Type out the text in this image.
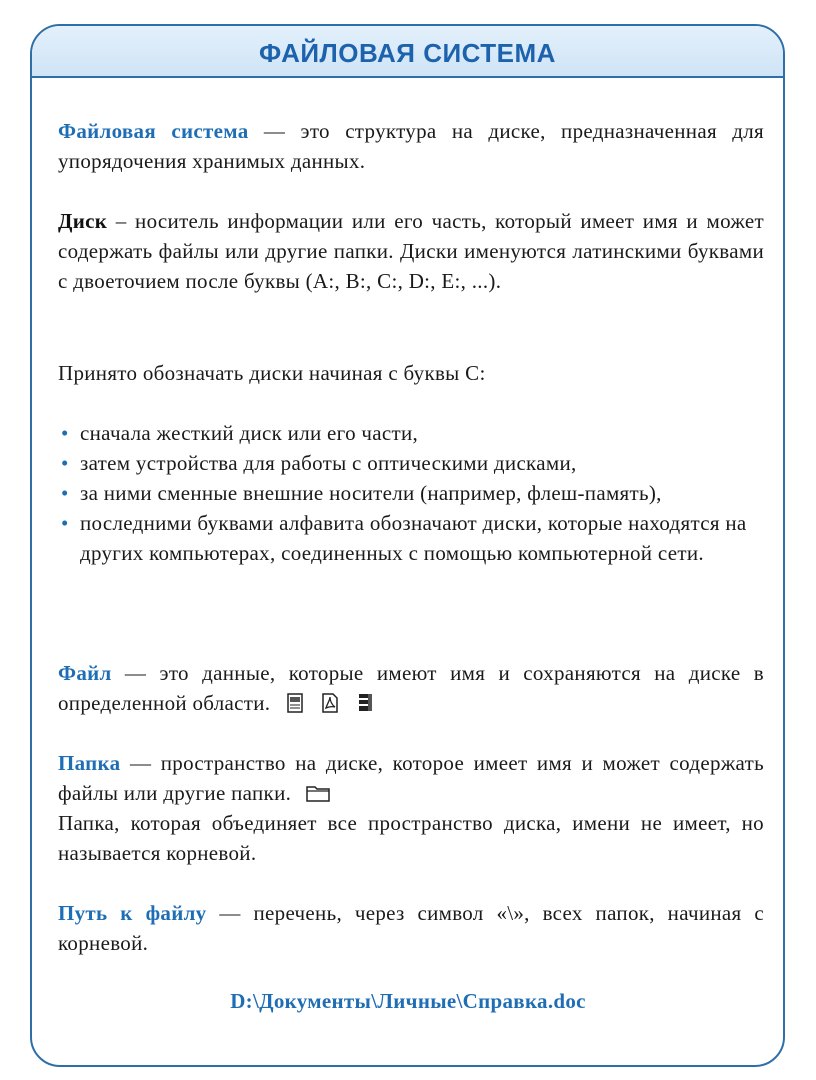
ФАЙЛОВАЯ СИСТЕМА
Файловая система — это структура на диске, предназначенная для упорядочения хранимых данных.
Диск – носитель информации или его часть, который имеет имя и может содержать файлы или другие папки. Диски именуются латинскими буквами с двоеточием после буквы (A:, B:, C:, D:, E:, ...).
Принято обозначать диски начиная с буквы C:
• сначала жесткий диск или его части,
• затем устройства для работы с оптическими дисками,
• за ними сменные внешние носители (например, флеш-память),
• последними буквами алфавита обозначают диски, которые находятся на других компьютерах, соединенных с помощью компьютерной сети.
Файл — это данные, которые имеют имя и сохраняются на диске в определенной области.
Папка — пространство на диске, которое имеет имя и может содержать файлы или другие папки.
Папка, которая объединяет все пространство диска, имени не имеет, но называется корневой.
Путь к файлу — перечень, через символ «\», всех папок, начиная с корневой.
D:\Документы\Личные\Справка.doc
